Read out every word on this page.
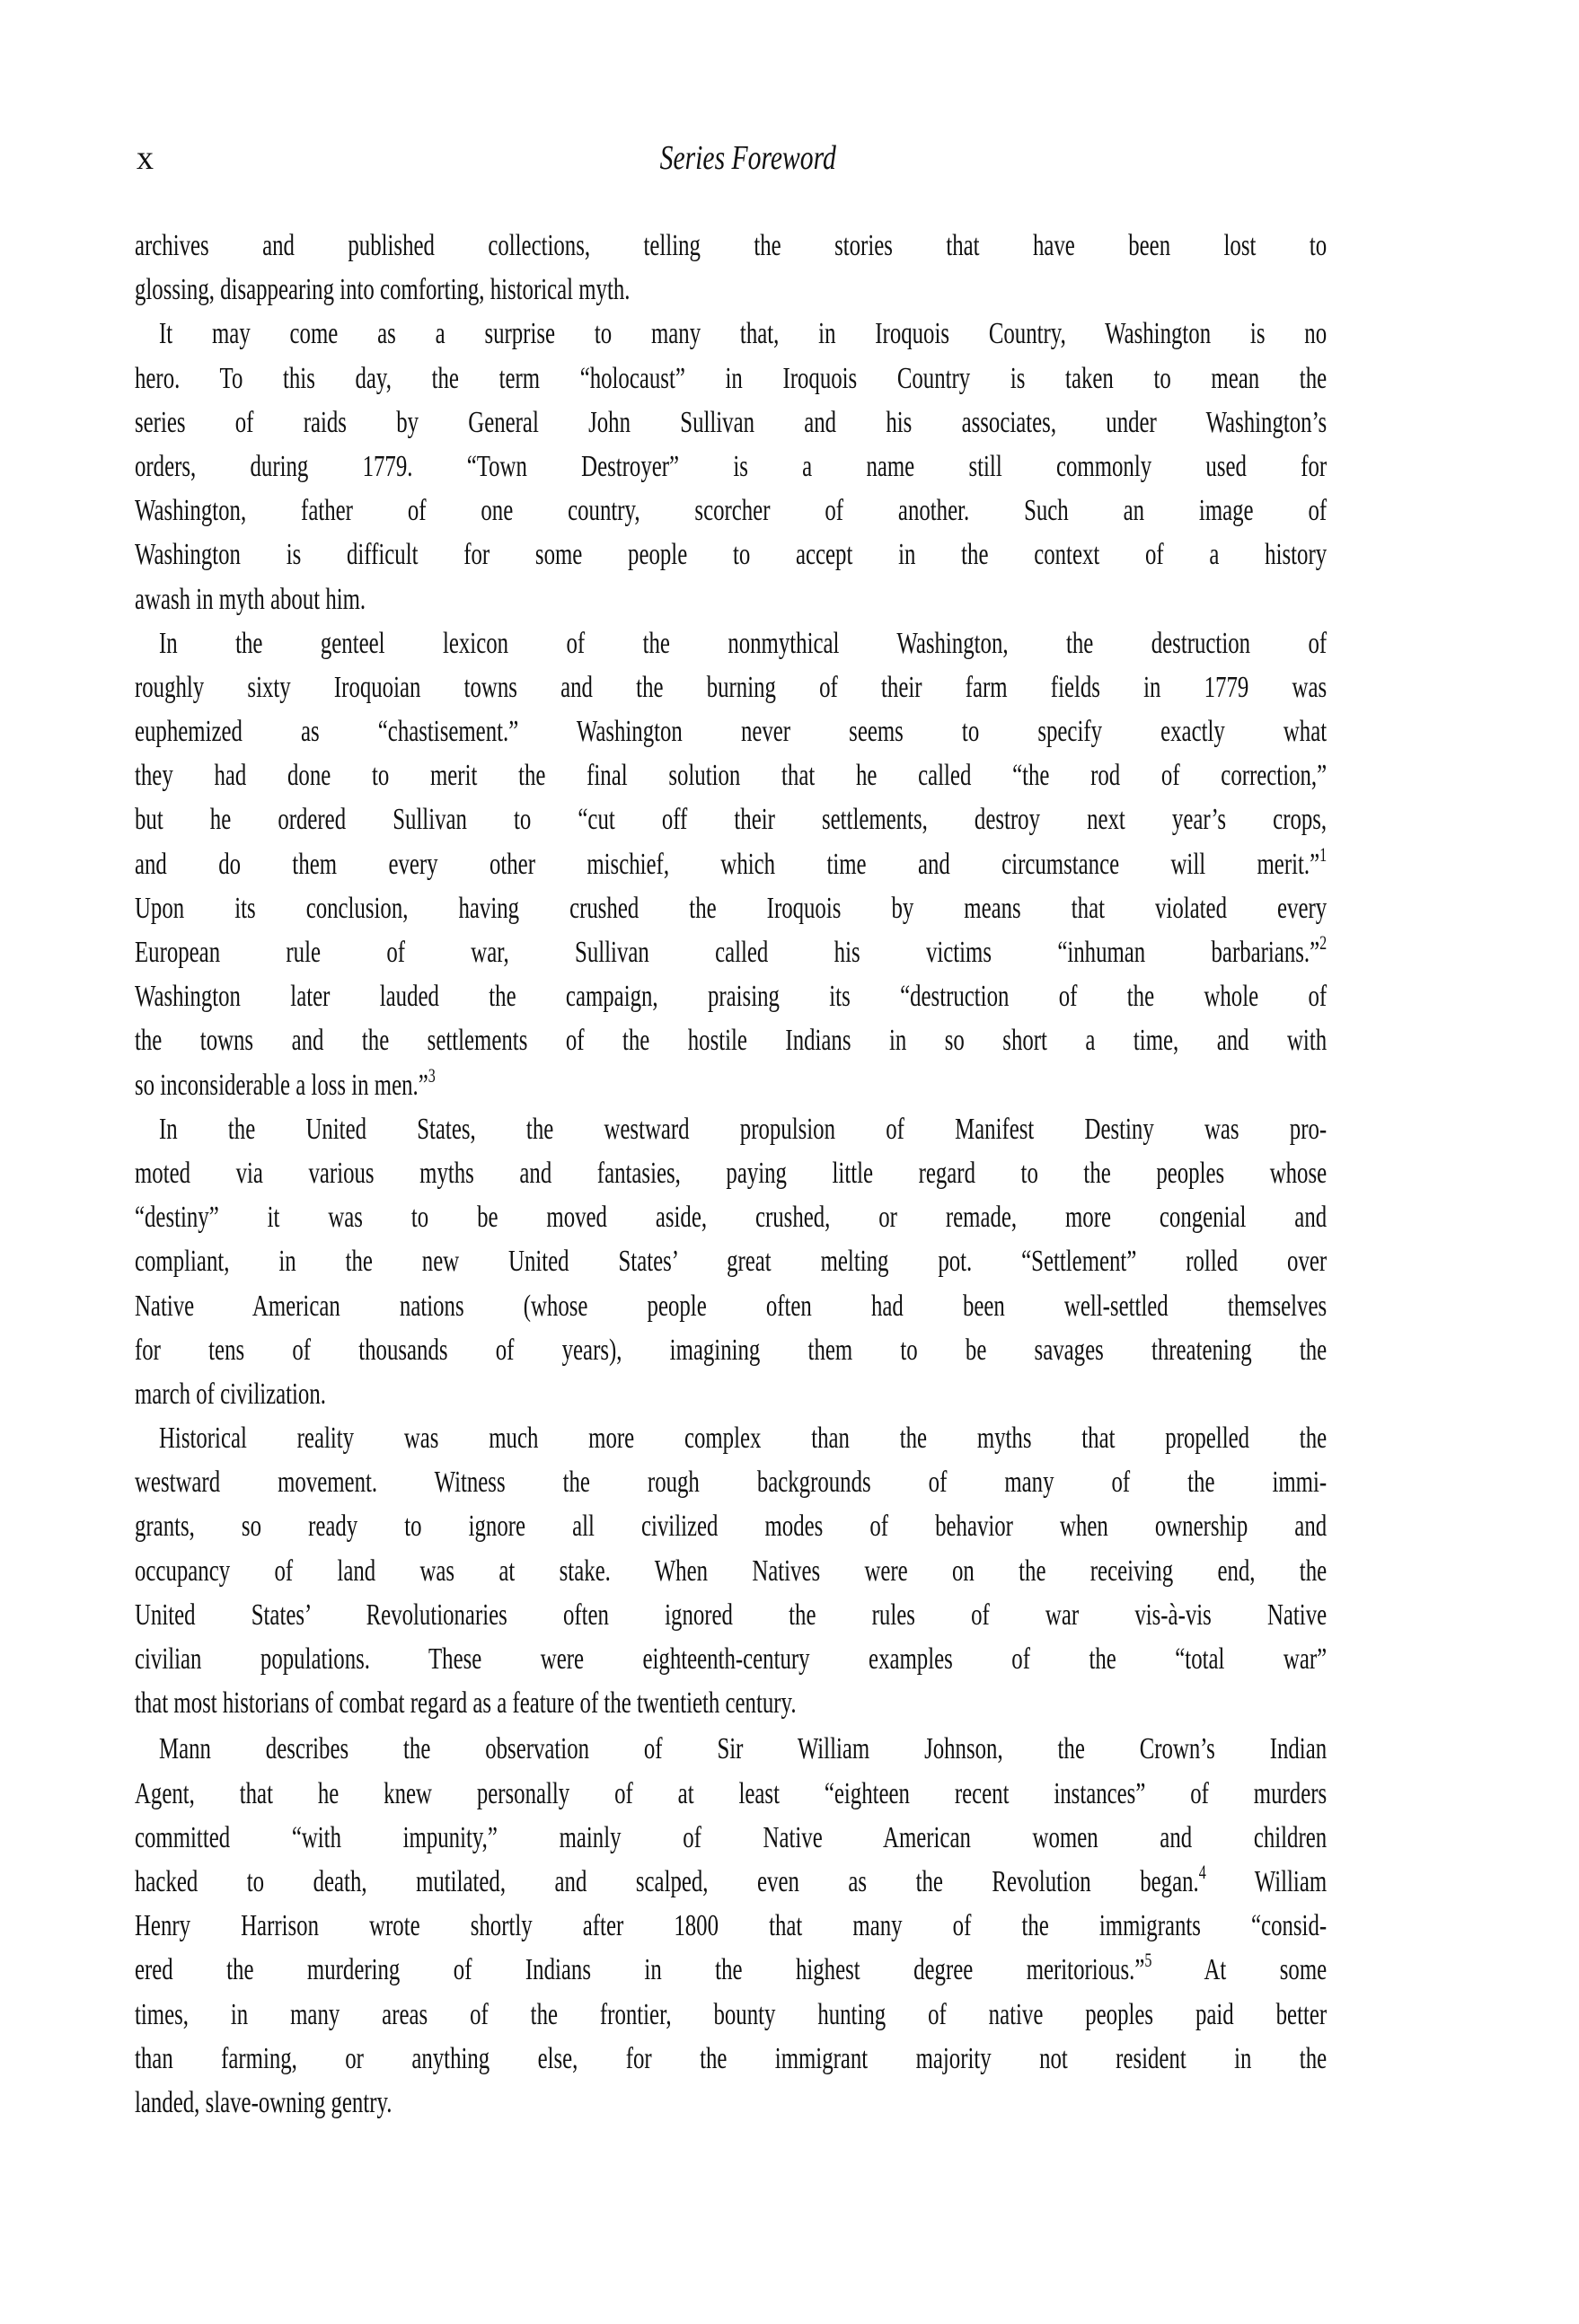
x	Series Foreword
archives and published collections, telling the stories that have been lost to
glossing, disappearing into comforting, historical myth.
It may come as a surprise to many that, in Iroquois Country, Washington is no
hero. To this day, the term “holocaust” in Iroquois Country is taken to mean the
series of raids by General John Sullivan and his associates, under Washington’s
orders, during 1779. “Town Destroyer” is a name still commonly used for
Washington, father of one country, scorcher of another. Such an image of
Washington is difficult for some people to accept in the context of a history
awash in myth about him.
In the genteel lexicon of the nonmythical Washington, the destruction of
roughly sixty Iroquoian towns and the burning of their farm fields in 1779 was
euphemized as “chastisement.” Washington never seems to specify exactly what
they had done to merit the final solution that he called “the rod of correction,”
but he ordered Sullivan to “cut off their settlements, destroy next year’s crops,
and do them every other mischief, which time and circumstance will merit.”$^1$
Upon its conclusion, having crushed the Iroquois by means that violated every
European rule of war, Sullivan called his victims “inhuman barbarians.”$^2$
Washington later lauded the campaign, praising its “destruction of the whole of
the towns and the settlements of the hostile Indians in so short a time, and with
so inconsiderable a loss in men.”$^3$
In the United States, the westward propulsion of Manifest Destiny was pro-
moted via various myths and fantasies, paying little regard to the peoples whose
“destiny” it was to be moved aside, crushed, or remade, more congenial and
compliant, in the new United States’ great melting pot. “Settlement” rolled over
Native American nations (whose people often had been well-settled themselves
for tens of thousands of years), imagining them to be savages threatening the
march of civilization.
Historical reality was much more complex than the myths that propelled the
westward movement. Witness the rough backgrounds of many of the immi-
grants, so ready to ignore all civilized modes of behavior when ownership and
occupancy of land was at stake. When Natives were on the receiving end, the
United States’ Revolutionaries often ignored the rules of war vis-à-vis Native
civilian populations. These were eighteenth-century examples of the “total war”
that most historians of combat regard as a feature of the twentieth century.
Mann describes the observation of Sir William Johnson, the Crown’s Indian
Agent, that he knew personally of at least “eighteen recent instances” of murders
committed “with impunity,” mainly of Native American women and children
hacked to death, mutilated, and scalped, even as the Revolution began.$^4$ William
Henry Harrison wrote shortly after 1800 that many of the immigrants “consid-
ered the murdering of Indians in the highest degree meritorious.”$^5$ At some
times, in many areas of the frontier, bounty hunting of native peoples paid better
than farming, or anything else, for the immigrant majority not resident in the
landed, slave-owning gentry.
